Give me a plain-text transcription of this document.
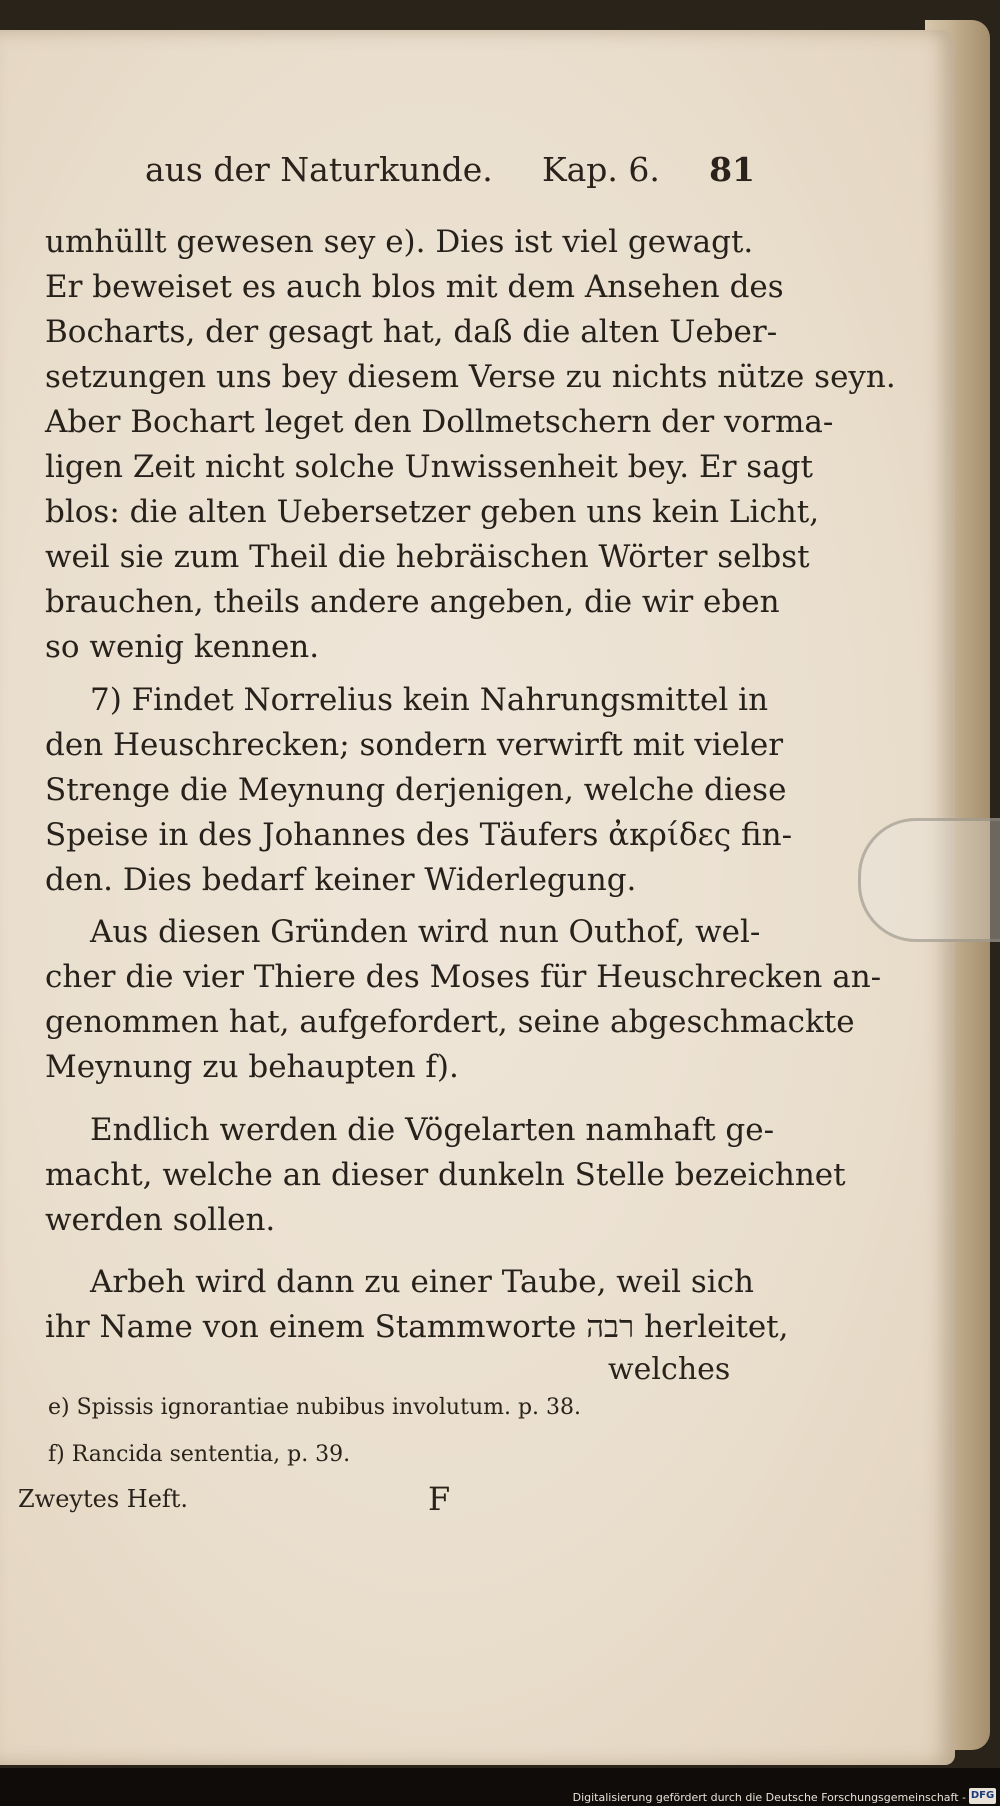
aus der Naturkunde. Kap. 6. 81
umhüllt gewesen sey e). Dies ist viel gewagt.
Er beweiset es auch blos mit dem Ansehen des
Bocharts, der gesagt hat, daß die alten Ueber-
setzungen uns bey diesem Verse zu nichts nütze seyn.
Aber Bochart leget den Dollmetschern der vorma-
ligen Zeit nicht solche Unwissenheit bey. Er sagt
blos: die alten Uebersetzer geben uns kein Licht,
weil sie zum Theil die hebräischen Wörter selbst
brauchen, theils andere angeben, die wir eben
so wenig kennen.
7) Findet Norrelius kein Nahrungsmittel in
den Heuschrecken; sondern verwirft mit vieler
Strenge die Meynung derjenigen, welche diese
Speise in des Johannes des Täufers ἀκρίδες fin-
den. Dies bedarf keiner Widerlegung.
Aus diesen Gründen wird nun Outhof, wel-
cher die vier Thiere des Moses für Heuschrecken an-
genommen hat, aufgefordert, seine abgeschmackte
Meynung zu behaupten f).
Endlich werden die Vögelarten namhaft ge-
macht, welche an dieser dunkeln Stelle bezeichnet
werden sollen.
Arbeh wird dann zu einer Taube, weil sich
ihr Name von einem Stammworte רבה herleitet,
welches
e) Spissis ignorantiae nubibus involutum. p. 38.
f) Rancida sententia, p. 39.
Zweytes Heft.	F
Digitalisierung gefördert durch die Deutsche Forschungsgemeinschaft - DFG
